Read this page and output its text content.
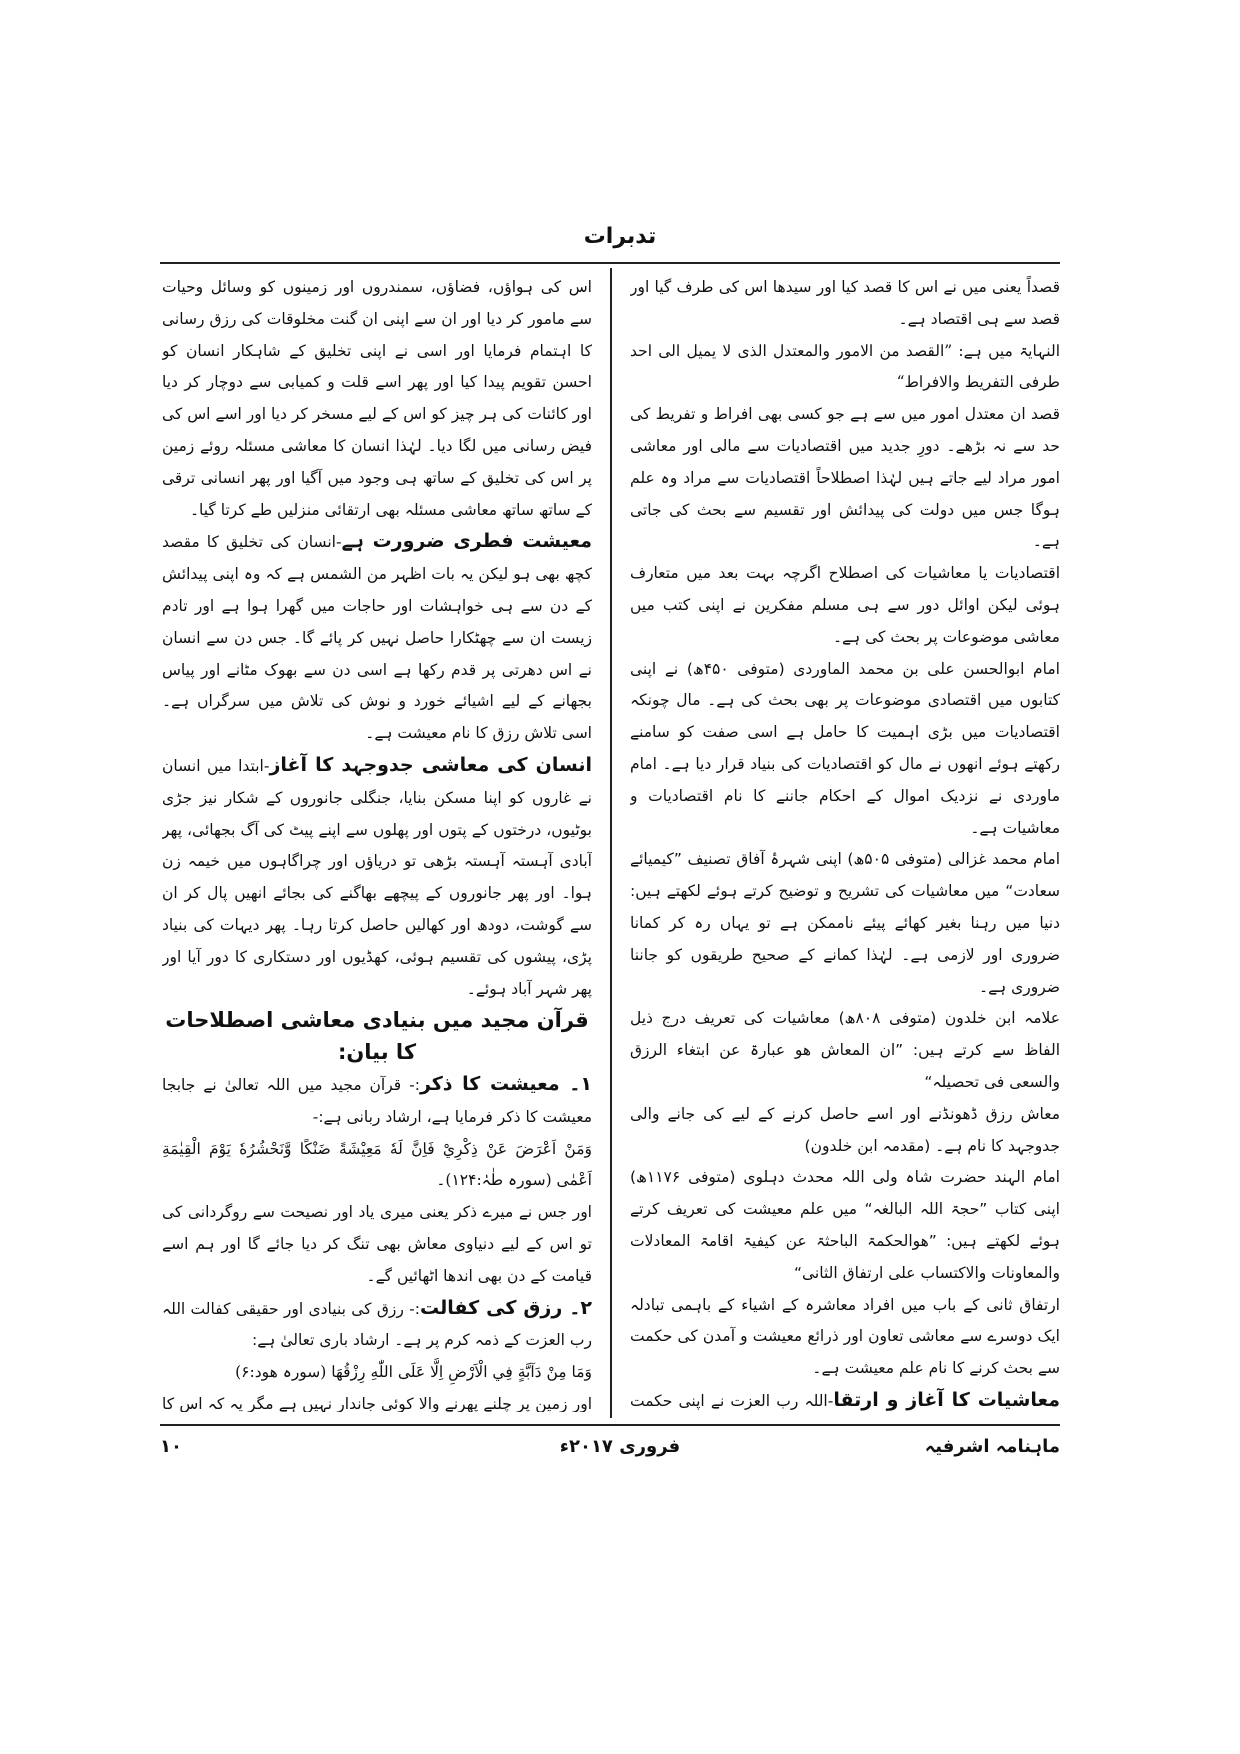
تدبرات

قصداً یعنی میں نے اس کا قصد کیا اور سیدھا اس کی طرف گیا اور قصد سے ہی اقتصاد ہے۔

النہایۃ میں ہے: ”القصد من الامور والمعتدل الذی لا یمیل الی احد طرفی التفریط والافراط“

قصد ان معتدل امور میں سے ہے جو کسی بھی افراط و تفریط کی حد سے نہ بڑھے۔ دورِ جدید میں اقتصادیات سے مالی اور معاشی امور مراد لیے جاتے ہیں لہٰذا اصطلاحاً اقتصادیات سے مراد وہ علم ہوگا جس میں دولت کی پیدائش اور تقسیم سے بحث کی جاتی ہے۔

اقتصادیات یا معاشیات کی اصطلاح اگرچہ بہت بعد میں متعارف ہوئی لیکن اوائل دور سے ہی مسلم مفکرین نے اپنی کتب میں معاشی موضوعات پر بحث کی ہے۔

امام ابوالحسن علی بن محمد الماوردی (متوفی ۴۵۰ھ) نے اپنی کتابوں میں اقتصادی موضوعات پر بھی بحث کی ہے۔ مال چونکہ اقتصادیات میں بڑی اہمیت کا حامل ہے اسی صفت کو سامنے رکھتے ہوئے انھوں نے مال کو اقتصادیات کی بنیاد قرار دیا ہے۔ امام ماوردی نے نزدیک اموال کے احکام جاننے کا نام اقتصادیات و معاشیات ہے۔

امام محمد غزالی (متوفی ۵۰۵ھ) اپنی شہرۂ آفاق تصنیف ”کیمیائے سعادت“ میں معاشیات کی تشریح و توضیح کرتے ہوئے لکھتے ہیں: دنیا میں رہنا بغیر کھائے پیئے ناممکن ہے تو یہاں رہ کر کمانا ضروری اور لازمی ہے۔ لہٰذا کمانے کے صحیح طریقوں کو جاننا ضروری ہے۔

علامہ ابن خلدون (متوفی ۸۰۸ھ) معاشیات کی تعریف درج ذیل الفاظ سے کرتے ہیں: ”ان المعاش ھو عبارۃ عن ابتغاء الرزق والسعی فی تحصیلہ“

معاش رزق ڈھونڈنے اور اسے حاصل کرنے کے لیے کی جانے والی جدوجہد کا نام ہے۔ (مقدمہ ابن خلدون)

امام الہند حضرت شاہ ولی اللہ محدث دہلوی (متوفی ۱۱۷۶ھ) اپنی کتاب ”حجۃ اللہ البالغہ“ میں علم معیشت کی تعریف کرتے ہوئے لکھتے ہیں: ”ھوالحکمۃ الباحثۃ عن کیفیۃ اقامۃ المعادلات والمعاونات والاکتساب علی ارتفاق الثانی“

ارتفاق ثانی کے باب میں افراد معاشرہ کے اشیاء کے باہمی تبادلہ ایک دوسرے سے معاشی تعاون اور ذرائع معیشت و آمدن کی حکمت سے بحث کرنے کا نام علم معیشت ہے۔

معاشیات کا آغاز و ارتقا-اللہ رب العزت نے اپنی حکمت

اس کی ہواؤں، فضاؤں، سمندروں اور زمینوں کو وسائل وحیات سے مامور کر دیا اور ان سے اپنی ان گنت مخلوقات کی رزق رسانی کا اہتمام فرمایا اور اسی نے اپنی تخلیق کے شاہکار انسان کو احسن تقویم پیدا کیا اور پھر اسے قلت و کمیابی سے دوچار کر دیا اور کائنات کی ہر چیز کو اس کے لیے مسخر کر دیا اور اسے اس کی فیض رسانی میں لگا دیا۔ لہٰذا انسان کا معاشی مسئلہ روئے زمین پر اس کی تخلیق کے ساتھ ہی وجود میں آگیا اور پھر انسانی ترقی کے ساتھ ساتھ معاشی مسئلہ بھی ارتقائی منزلیں طے کرتا گیا۔

معیشت فطری ضرورت ہے-انسان کی تخلیق کا مقصد کچھ بھی ہو لیکن یہ بات اظہر من الشمس ہے کہ وہ اپنی پیدائش کے دن سے ہی خواہشات اور حاجات میں گھرا ہوا ہے اور تادم زیست ان سے چھٹکارا حاصل نہیں کر پائے گا۔ جس دن سے انسان نے اس دھرتی پر قدم رکھا ہے اسی دن سے بھوک مٹانے اور پیاس بجھانے کے لیے اشیائے خورد و نوش کی تلاش میں سرگراں ہے۔ اسی تلاش رزق کا نام معیشت ہے۔

انسان کی معاشی جدوجہد کا آغاز-ابتدا میں انسان نے غاروں کو اپنا مسکن بنایا، جنگلی جانوروں کے شکار نیز جڑی بوٹیوں، درختوں کے پتوں اور پھلوں سے اپنے پیٹ کی آگ بجھائی، پھر آبادی آہستہ آہستہ بڑھی تو دریاؤں اور چراگاہوں میں خیمہ زن ہوا۔ اور پھر جانوروں کے پیچھے بھاگنے کی بجائے انھیں پال کر ان سے گوشت، دودھ اور کھالیں حاصل کرتا رہا۔ پھر دیہات کی بنیاد پڑی، پیشوں کی تقسیم ہوئی، کھڈیوں اور دستکاری کا دور آیا اور پھر شہر آباد ہوئے۔

قرآن مجید میں بنیادی معاشی اصطلاحات کا بیان:

۱۔ معیشت کا ذکر:- قرآن مجید میں اللہ تعالیٰ نے جابجا معیشت کا ذکر فرمایا ہے، ارشاد ربانی ہے:-

وَمَنْ اَعْرَضَ عَنْ ذِكْرِيْ فَاِنَّ لَهٗ مَعِيْشَةً ضَنْكًا وَّنَحْشُرُهٗ يَوْمَ الْقِيٰمَةِ اَعْمٰى (سورہ طٰہٰ:۱۲۴)۔

اور جس نے میرے ذکر یعنی میری یاد اور نصیحت سے روگردانی کی تو اس کے لیے دنیاوی معاش بھی تنگ کر دیا جائے گا اور ہم اسے قیامت کے دن بھی اندھا اٹھائیں گے۔

۲۔ رزق کی کفالت:- رزق کی بنیادی اور حقیقی کفالت اللہ رب العزت کے ذمہ کرم پر ہے۔ ارشاد باری تعالیٰ ہے:

وَمَا مِنْ دَآبَّةٍ فِي الْاَرْضِ اِلَّا عَلَى اللّٰهِ رِزْقُهَا (سورہ ھود:۶)

اور زمین پر چلنے پھرنے والا کوئی جاندار نہیں ہے مگر یہ کہ اس کا

ماہنامہ اشرفیہ
فروری ۲۰۱۷ء
۱۰
